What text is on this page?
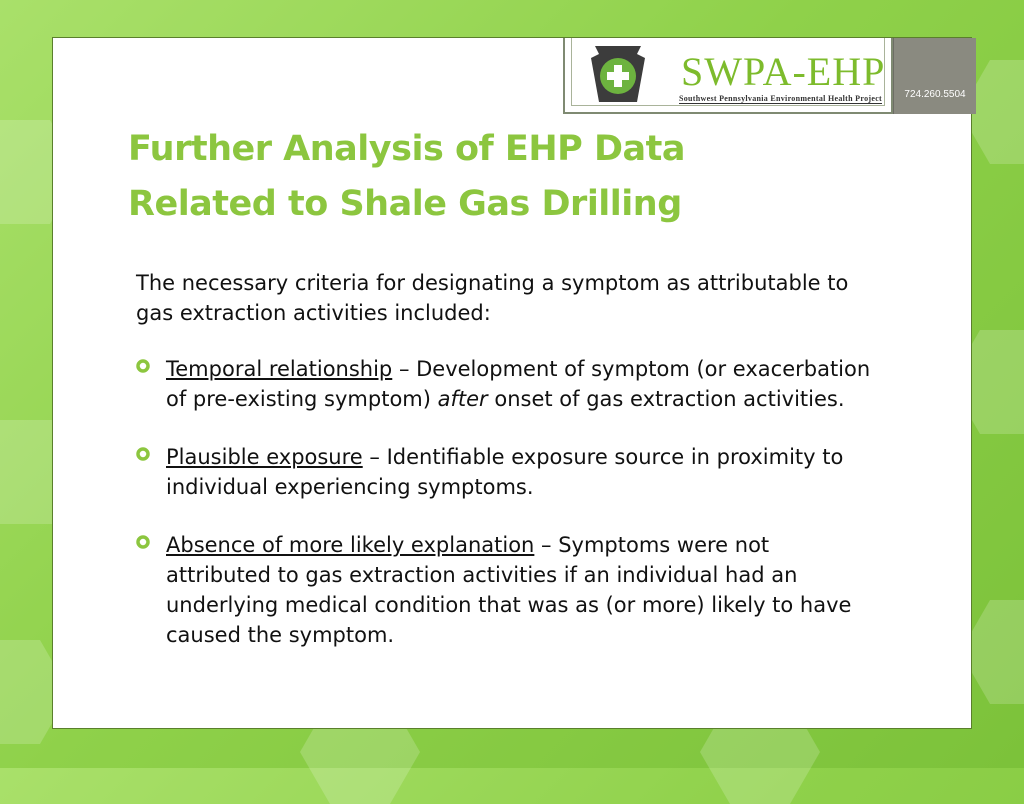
SWPA-EHP
Southwest Pennsylvania Environmental Health Project	724.260.5504
Further Analysis of EHP Data
Related to Shale Gas Drilling

The necessary criteria for designating a symptom as attributable to gas extraction activities included:

Temporal relationship – Development of symptom (or exacerbation of pre-existing symptom) after onset of gas extraction activities.
Plausible exposure – Identifiable exposure source in proximity to individual experiencing symptoms.
Absence of more likely explanation – Symptoms were not attributed to gas extraction activities if an individual had an underlying medical condition that was as (or more) likely to have caused the symptom.
